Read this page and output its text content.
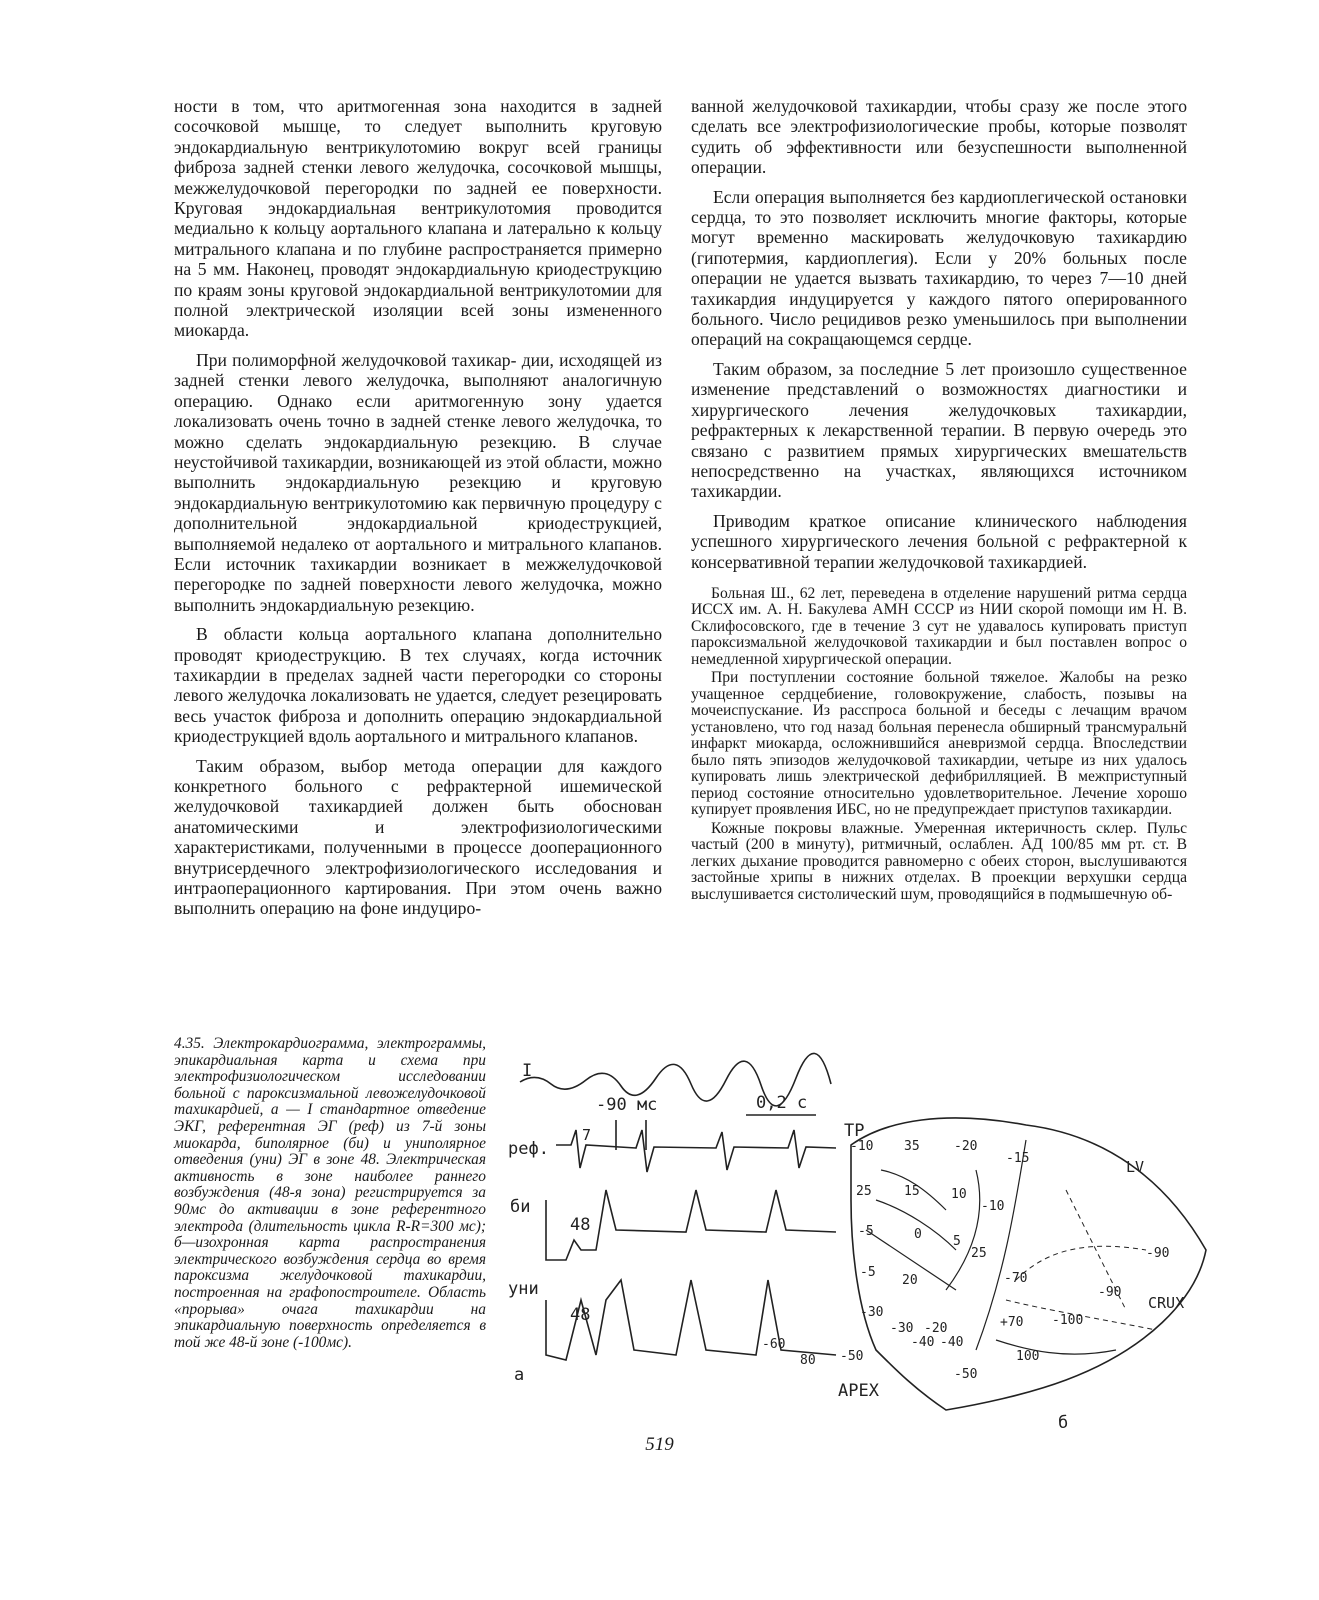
ности в том, что аритмогенная зона находится в задней сосочковой мышце, то следует выполнить круговую эндокардиальную вентрикулотомию вокруг всей границы фиброза задней стенки левого желудочка, сосочковой мышцы, межжелудочковой перегородки по задней ее поверхности. Круговая эндокардиальная вентрикулотомия проводится медиально к кольцу аортального клапана и латерально к кольцу митрального клапана и по глубине распространяется примерно на 5 мм. Наконец, проводят эндокардиальную криодеструкцию по краям зоны круговой эндокардиальной вентрикулотомии для полной электрической изоляции всей зоны измененного миокарда.

При полиморфной желудочковой тахикар- дии, исходящей из задней стенки левого желудочка, выполняют аналогичную операцию. Однако если аритмогенную зону удается локализовать очень точно в задней стенке левого желудочка, то можно сделать эндокардиальную резекцию. В случае неустойчивой тахикардии, возникающей из этой области, можно выполнить эндокардиальную резекцию и круговую эндокардиальную вентрикулотомию как первичную процедуру с дополнительной эндокардиальной криодеструкцией, выполняемой недалеко от аортального и митрального клапанов. Если источник тахикардии возникает в межжелудочковой перегородке по задней поверхности левого желудочка, можно выполнить эндокардиальную резекцию.

В области кольца аортального клапана дополнительно проводят криодеструкцию. В тех случаях, когда источник тахикардии в пределах задней части перегородки со стороны левого желудочка локализовать не удается, следует резецировать весь участок фиброза и дополнить операцию эндокардиальной криодеструкцией вдоль аортального и митрального клапанов.

Таким образом, выбор метода операции для каждого конкретного больного с рефрактерной ишемической желудочковой тахикардией должен быть обоснован анатомическими и электрофизиологическими характеристиками, полученными в процессе дооперационного внутрисердечного электрофизиологического исследования и интраоперационного картирования. При этом очень важно выполнить операцию на фоне индуциро-

ванной желудочковой тахикардии, чтобы сразу же после этого сделать все электрофизиологические пробы, которые позволят судить об эффективности или безуспешности выполненной операции.

Если операция выполняется без кардиоплегической остановки сердца, то это позволяет исключить многие факторы, которые могут временно маскировать желудочковую тахикардию (гипотермия, кардиоплегия). Если у 20% больных после операции не удается вызвать тахикардию, то через 7—10 дней тахикардия индуцируется у каждого пятого оперированного больного. Число рецидивов резко уменьшилось при выполнении операций на сокращающемся сердце.

Таким образом, за последние 5 лет произошло существенное изменение представлений о возможностях диагностики и хирургического лечения желудочковых тахикардии, рефрактерных к лекарственной терапии. В первую очередь это связано с развитием прямых хирургических вмешательств непосредственно на участках, являющихся источником тахикардии.

Приводим краткое описание клинического наблюдения успешного хирургического лечения больной с рефрактерной к консервативной терапии желудочковой тахикардией.

Больная Ш., 62 лет, переведена в отделение нарушений ритма сердца ИССХ им. А. Н. Бакулева АМН СССР из НИИ скорой помощи им Н. В. Склифосовского, где в течение 3 сут не удавалось купировать приступ пароксизмальной желудочковой тахикардии и был поставлен вопрос о немедленной хирургической операции.

При поступлении состояние больной тяжелое. Жалобы на резко учащенное сердцебиение, головокружение, слабость, позывы на мочеиспускание. Из расспроса больной и беседы с лечащим врачом установлено, что год назад больная перенесла обширный трансмуральнй инфаркт миокарда, осложнившийся аневризмой сердца. Впоследствии было пять эпизодов желудочковой тахикардии, четыре из них удалось купировать лишь электрической дефибрилляцией. В межприступный период состояние относительно удовлетворительное. Лечение хорошо купирует проявления ИБС, но не предупреждает приступов тахикардии.

Кожные покровы влажные. Умеренная иктеричность склер. Пульс частый (200 в минуту), ритмичный, ослаблен. АД 100/85 мм рт. ст. В легких дыхание проводится равномерно с обеих сторон, выслушиваются застойные хрипы в нижних отделах. В проекции верхушки сердца выслушивается систолический шум, проводящийся в подмышечную об-

4.35. Электрокардиограмма, электрограммы, эпикардиальная карта и схема при электрофизиологическом исследовании больной с пароксизмальной левожелудочковой тахикардией, а — I стандартное отведение ЭКГ, референтная ЭГ (реф) из 7-й зоны миокарда, биполярное (би) и униполярное отведения (уни) ЭГ в зоне 48. Электрическая активность в зоне наиболее раннего возбуждения (48-я зона) регистрируется за 90мс до активации в зоне референтного электрода (длительность цикла R-R=300 мс); б—изохронная карта распространения электрического возбуждения сердца во время пароксизма желудочковой тахикардии, построенная на графопостроителе. Область «прорыва» очага тахикардии на эпикардиальную поверхность определяется в той же 48-й зоне (-100мс).

I
-90 мс	0,2 с
реф.
7
би
48
уни
48
а
ТР
LV
CRUX
APEX
б
-10 35	-20
-15
25 15 10
-10
-5	0 5
25	-90
-5
20	-70
-90
-30
-30
-40
+70 -100
-20
-40
-60
80 -50
-50
100
519
